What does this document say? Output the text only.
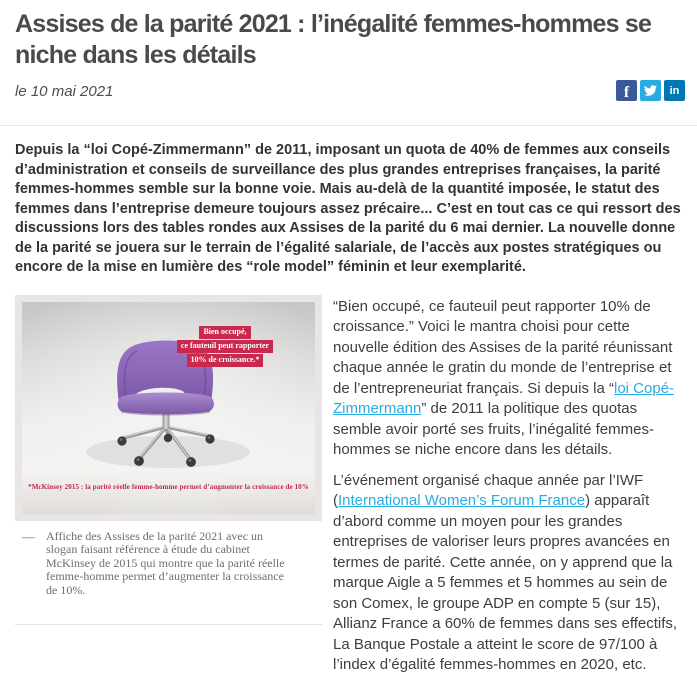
Assises de la parité 2021 : l’inégalité femmes-hommes se
niche dans les détails
le 10 mai 2021	f	in

Depuis la “loi Copé-Zimmermann” de 2011, imposant un quota de 40% de femmes aux conseils d’administration et conseils de surveillance des plus grandes entreprises françaises, la parité femmes-hommes semble sur la bonne voie. Mais au-delà de la quantité imposée, le statut des femmes dans l’entreprise demeure toujours assez précaire... C’est en tout cas ce qui ressort des discussions lors des tables rondes aux Assises de la parité du 6 mai dernier. La nouvelle donne de la parité se jouera sur le terrain de l’égalité salariale, de l’accès aux postes stratégiques ou encore de la mise en lumière des “role model” féminin et leur exemplarité.

Bien occupé,
ce fauteuil peut rapporter
10% de croissance.*
*McKinsey 2015 : la parité réelle femme-homme permet d’augmenter la croissance de 10%
— Affiche des Assises de la parité 2021 avec un slogan faisant référence à étude du cabinet McKinsey de 2015 qui montre que la parité réelle femme-homme permet d’augmenter la croissance de 10%.

“Bien occupé, ce fauteuil peut rapporter 10% de croissance.” Voici le mantra choisi pour cette nouvelle édition des Assises de la parité réunissant chaque année le gratin du monde de l’entreprise et de l’entrepreneuriat français. Si depuis la “loi Copé-Zimmermann” de 2011 la politique des quotas semble avoir porté ses fruits, l’inégalité femmes-hommes se niche encore dans les détails.

L’événement organisé chaque année par l’IWF (International Women’s Forum France) apparaît d’abord comme un moyen pour les grandes entreprises de valoriser leurs propres avancées en termes de parité. Cette année, on y apprend que la marque Aigle a 5 femmes et 5 hommes au sein de son Comex, le groupe ADP en compte 5 (sur 15), Allianz France a 60% de femmes dans ses effectifs, La Banque Postale a atteint le score de 97/100 à l’index d’égalité femmes-hommes en 2020, etc.
